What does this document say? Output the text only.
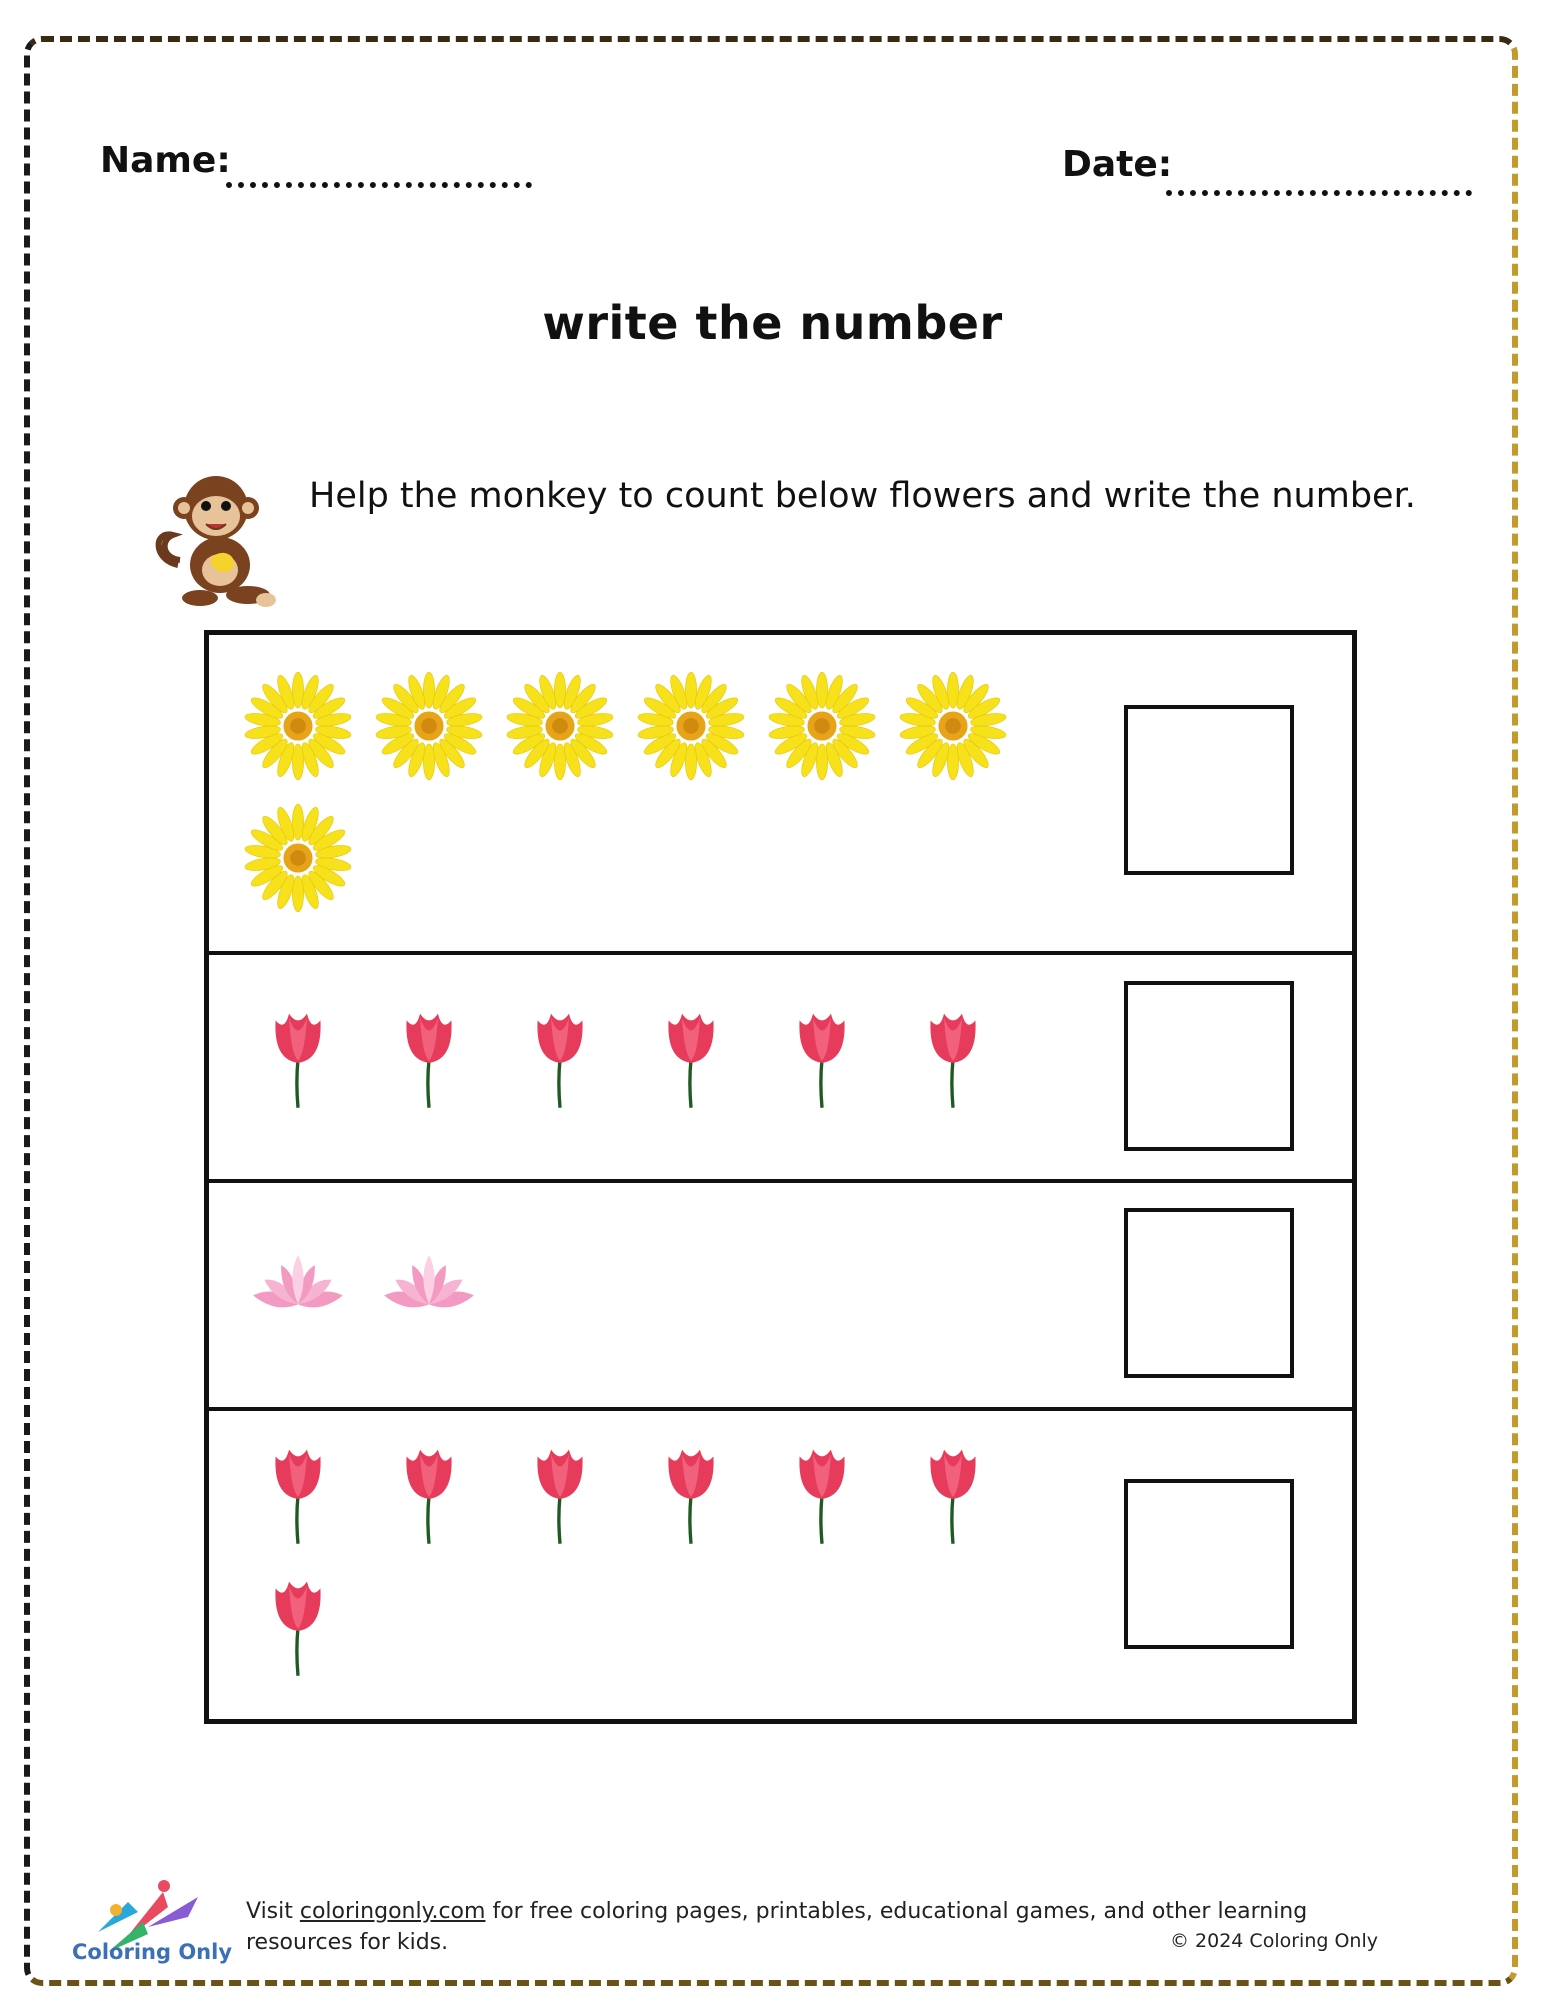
Name:	Date:
write the number
Help the monkey to count below flowers and write the number.
Coloring Only
Visit coloringonly.com for free coloring pages, printables, educational games, and other learning resources for kids.	© 2024 Coloring Only
